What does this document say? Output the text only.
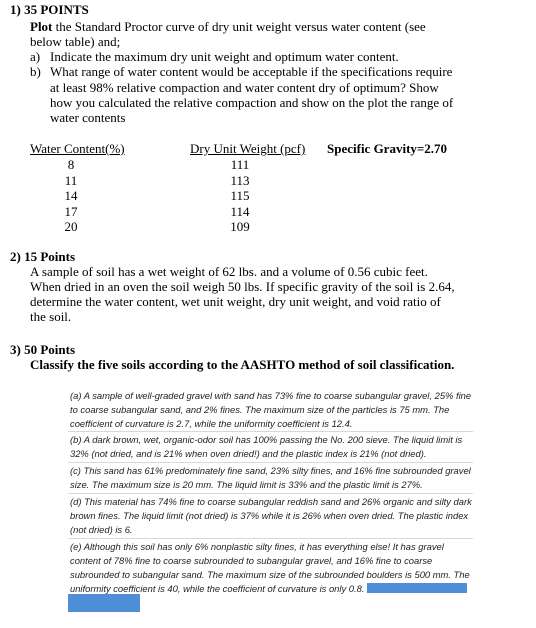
1) 35 POINTS
Plot the Standard Proctor curve of dry unit weight versus water content (see
below table) and;
a) Indicate the maximum dry unit weight and optimum water content.
b) What range of water content would be acceptable if the specifications require
at least 98% relative compaction and water content dry of optimum? Show
how you calculated the relative compaction and show on the plot the range of
water contents
Water Content(%)	Dry Unit Weight (pcf) Specific Gravity=2.70
8
11
14
17
20
111
113
115
114
109
2) 15 Points
A sample of soil has a wet weight of 62 lbs. and a volume of 0.56 cubic feet.
When dried in an oven the soil weigh 50 lbs. If specific gravity of the soil is 2.64,
determine the water content, wet unit weight, dry unit weight, and void ratio of
the soil.
3) 50 Points
Classify the five soils according to the AASHTO method of soil classification.
(a) A sample of well-graded gravel with sand has 73% fine to coarse subangular gravel, 25% fine
to coarse subangular sand, and 2% fines. The maximum size of the particles is 75 mm. The
coefficient of curvature is 2.7, while the uniformity coefficient is 12.4.
(b) A dark brown, wet, organic-odor soil has 100% passing the No. 200 sieve. The liquid limit is
32% (not dried, and is 21% when oven dried!) and the plastic index is 21% (not dried).
(c) This sand has 61% predominately fine sand, 23% silty fines, and 16% fine subrounded gravel
size. The maximum size is 20 mm. The liquid limit is 33% and the plastic limit is 27%.
(d) This material has 74% fine to coarse subangular reddish sand and 26% organic and silty dark
brown fines. The liquid limit (not dried) is 37% while it is 26% when oven dried. The plastic index
(not dried) is 6.
(e) Although this soil has only 6% nonplastic silty fines, it has everything else! It has gravel
content of 78% fine to coarse subrounded to subangular gravel, and 16% fine to coarse
subrounded to subangular sand. The maximum size of the subrounded boulders is 500 mm. The
uniformity coefficient is 40, while the coefficient of curvature is only 0.8.
